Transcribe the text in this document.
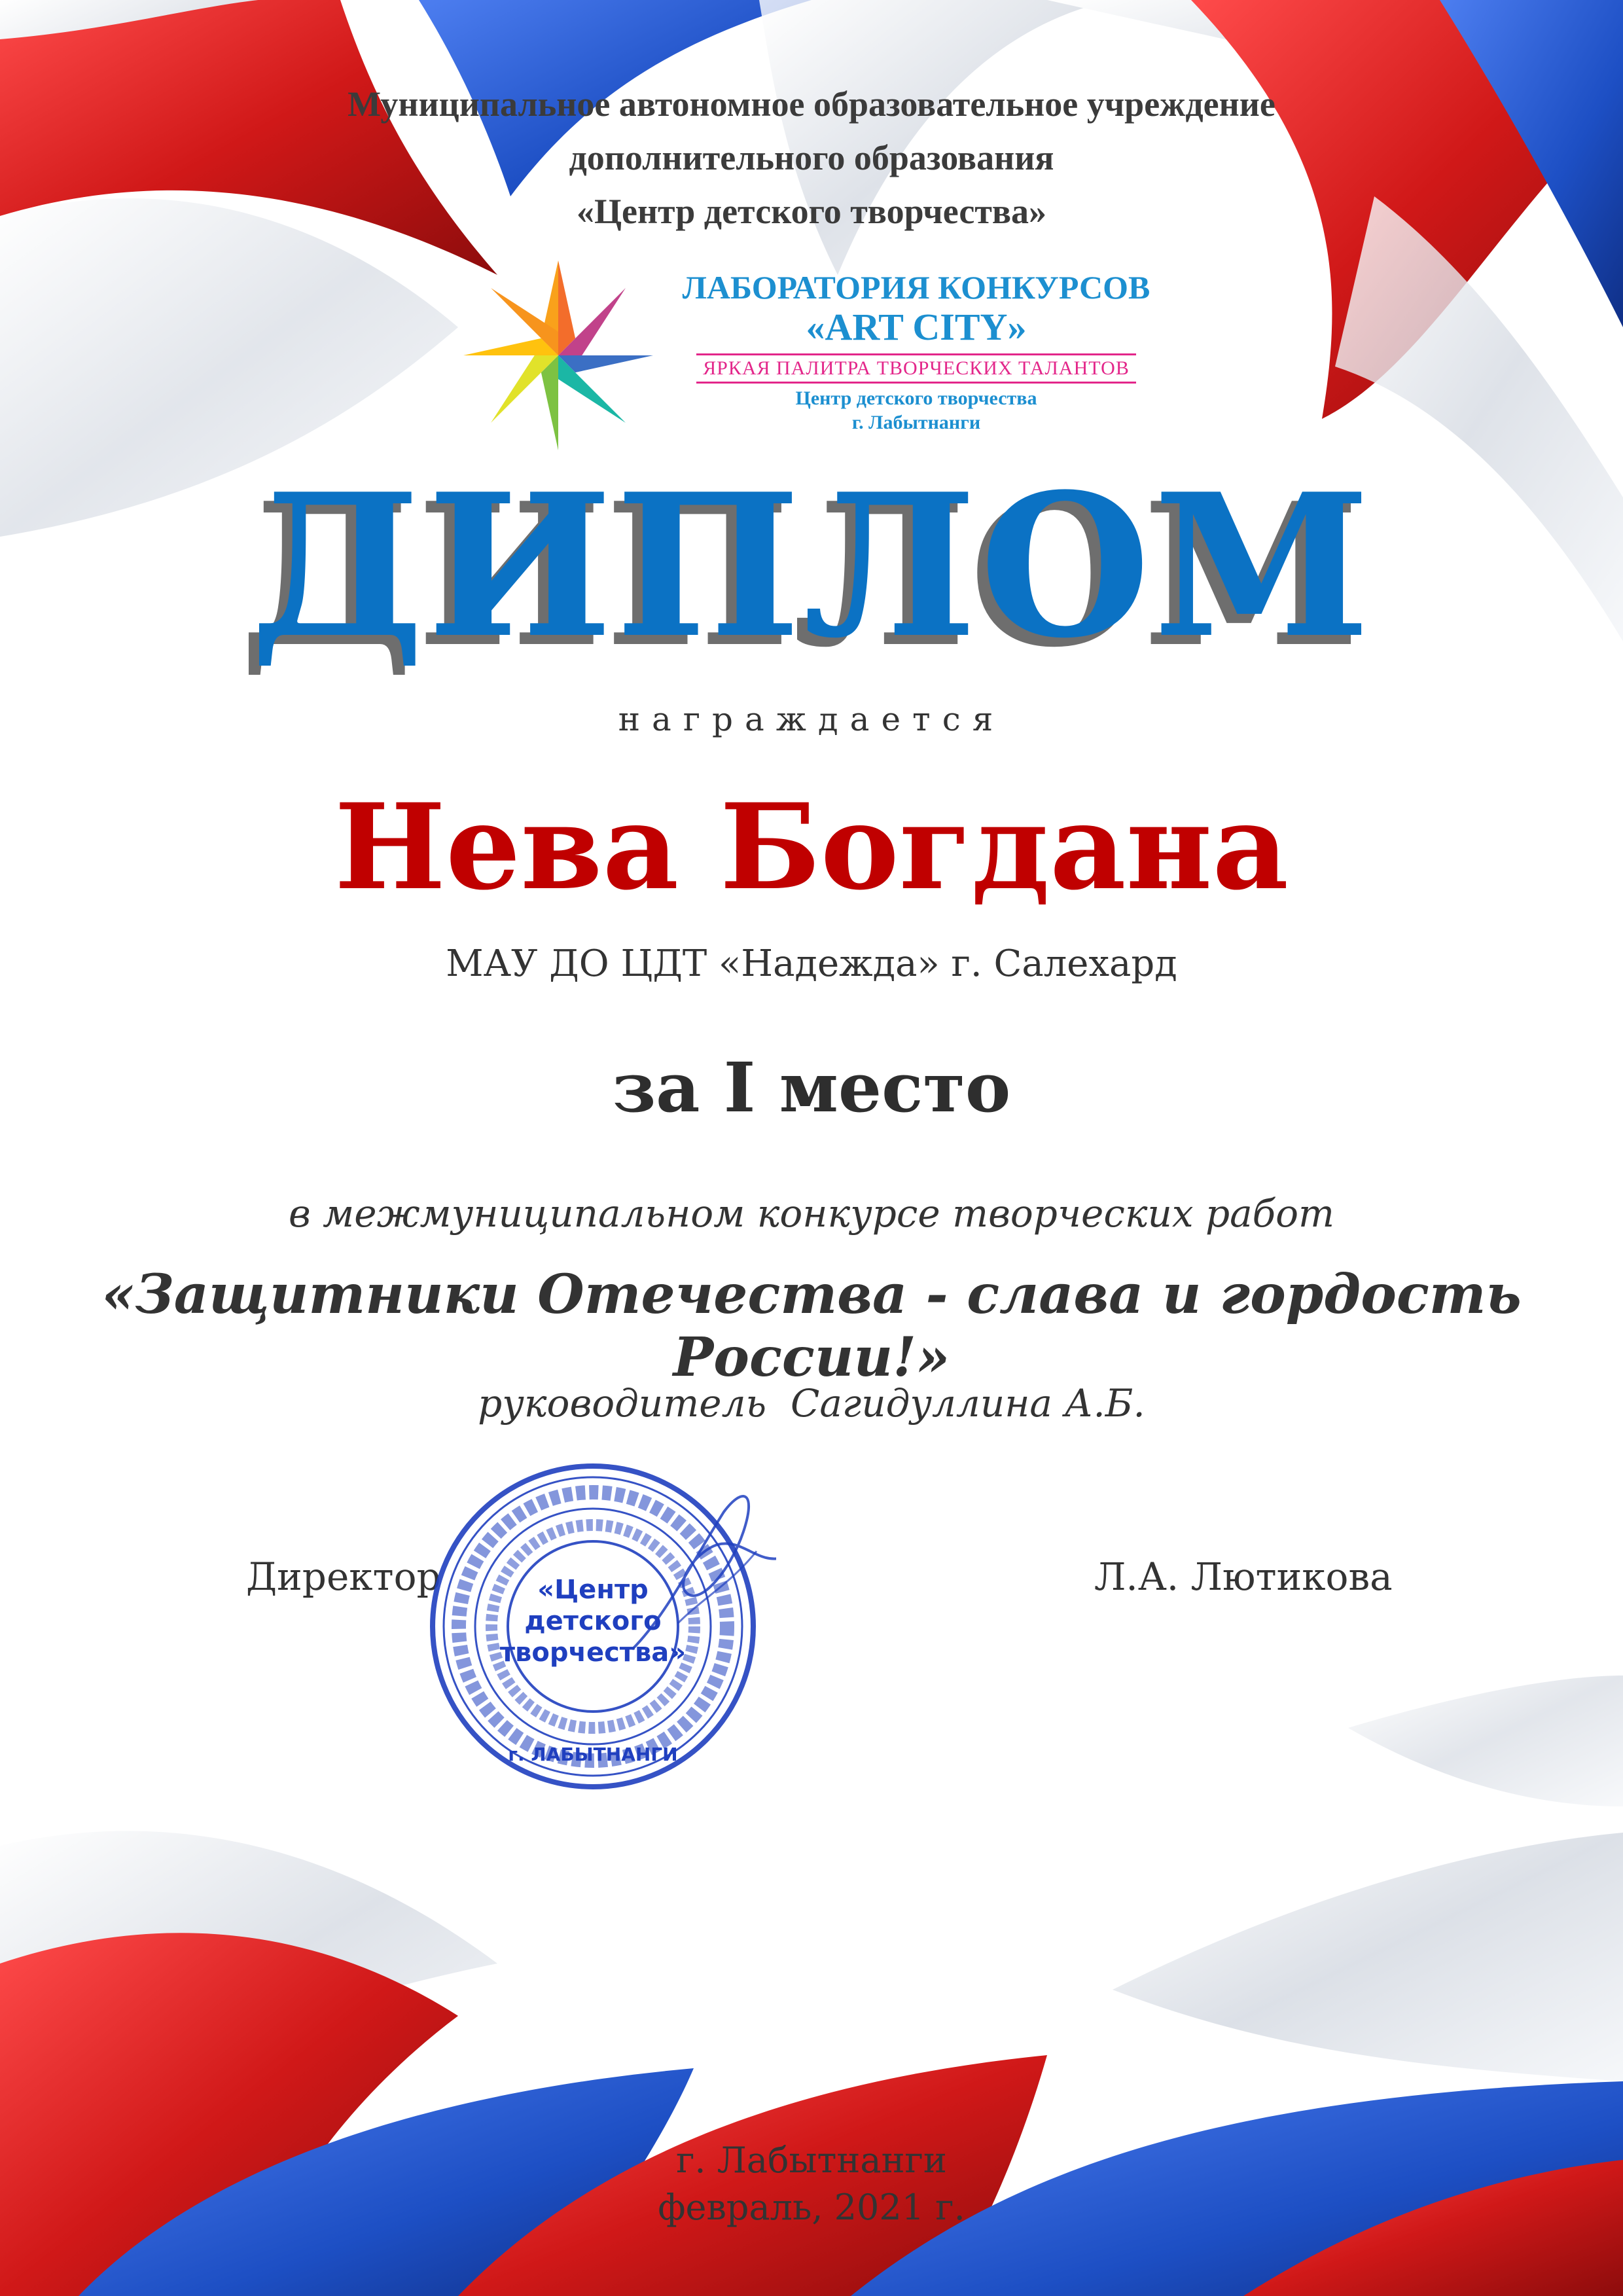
Муниципальное автономное образовательное учреждение
дополнительного образования
«Центр детского творчества»
ЛАБОРАТОРИЯ КОНКУРСОВ
«ART CITY»
ЯРКАЯ ПАЛИТРА ТВОРЧЕСКИХ ТАЛАНТОВ
Центр детского творчества
г. Лабытнанги
ДИПЛОМ
награждается
Нева Богдана
МАУ ДО ЦДТ «Надежда» г. Салехард
за I место
в межмуниципальном конкурсе творческих работ
«Защитники Отечества - слава и гордость России!»
руководитель  Сагидуллина А.Б.
Директор	«Центр
детского
творчества»
г. ЛАБЫТНАНГИ
Л.А. Лютикова
г. Лабытнанги
февраль, 2021 г.
